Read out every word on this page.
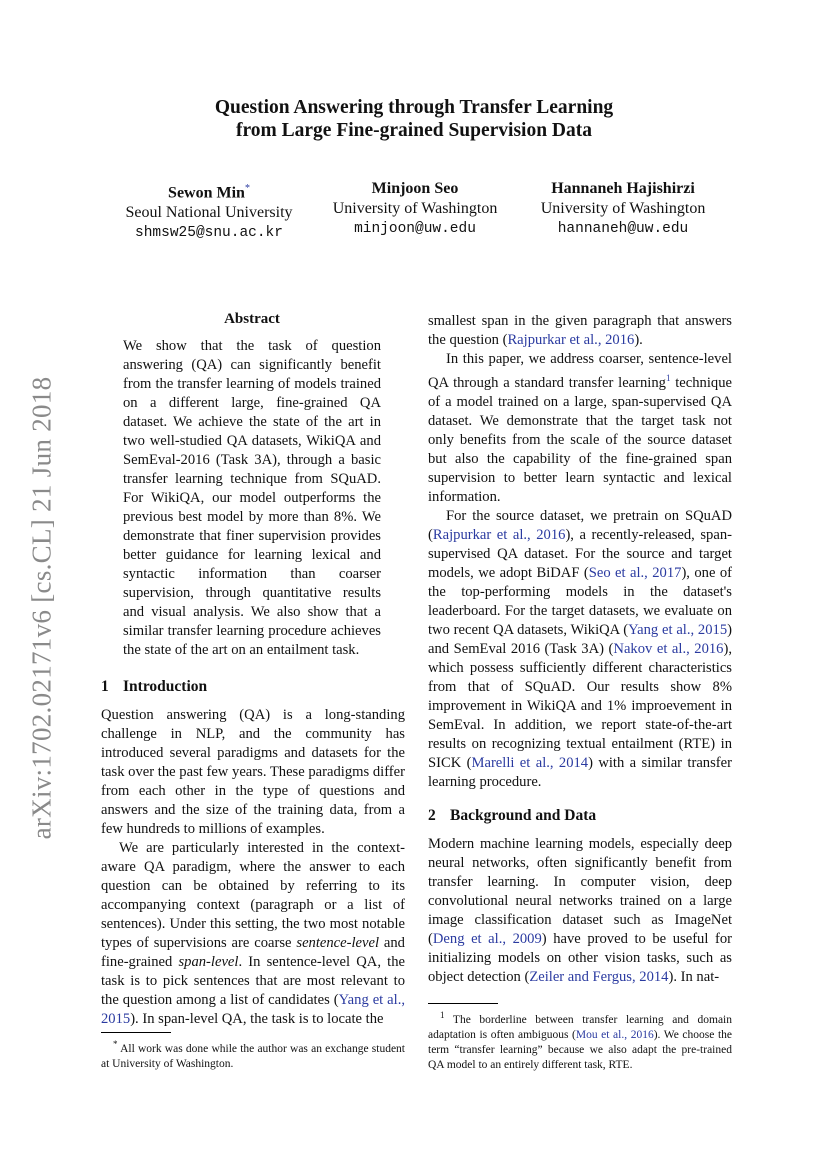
arXiv:1702.02171v6 [cs.CL] 21 Jun 2018
Question Answering through Transfer Learning
from Large Fine-grained Supervision Data
Sewon Min*
Seoul National University
shmsw25@snu.ac.kr
Minjoon Seo
University of Washington
minjoon@uw.edu
Hannaneh Hajishirzi
University of Washington
hannaneh@uw.edu
Abstract

We show that the task of question answering (QA) can significantly benefit from the transfer learning of models trained on a different large, fine-grained QA dataset. We achieve the state of the art in two well-studied QA datasets, WikiQA and SemEval-2016 (Task 3A), through a basic transfer learning technique from SQuAD. For WikiQA, our model outperforms the previous best model by more than 8%. We demonstrate that finer supervision provides better guidance for learning lexical and syntactic information than coarser supervision, through quantitative results and visual analysis. We also show that a similar transfer learning procedure achieves the state of the art on an entailment task.

1 Introduction

Question answering (QA) is a long-standing challenge in NLP, and the community has introduced several paradigms and datasets for the task over the past few years. These paradigms differ from each other in the type of questions and answers and the size of the training data, from a few hundreds to millions of examples.

We are particularly interested in the context-aware QA paradigm, where the answer to each question can be obtained by referring to its accompanying context (paragraph or a list of sentences). Under this setting, the two most notable types of supervisions are coarse sentence-level and fine-grained span-level. In sentence-level QA, the task is to pick sentences that are most relevant to the question among a list of candidates (Yang et al., 2015). In span-level QA, the task is to locate the

* All work was done while the author was an exchange student at University of Washington.

smallest span in the given paragraph that answers the question (Rajpurkar et al., 2016).

In this paper, we address coarser, sentence-level QA through a standard transfer learning$^1$ technique of a model trained on a large, span-supervised QA dataset. We demonstrate that the target task not only benefits from the scale of the source dataset but also the capability of the fine-grained span supervision to better learn syntactic and lexical information.

For the source dataset, we pretrain on SQuAD (Rajpurkar et al., 2016), a recently-released, span-supervised QA dataset. For the source and target models, we adopt BiDAF (Seo et al., 2017), one of the top-performing models in the dataset's leaderboard. For the target datasets, we evaluate on two recent QA datasets, WikiQA (Yang et al., 2015) and SemEval 2016 (Task 3A) (Nakov et al., 2016), which possess sufficiently different characteristics from that of SQuAD. Our results show 8% improvement in WikiQA and 1% improevement in SemEval. In addition, we report state-of-the-art results on recognizing textual entailment (RTE) in SICK (Marelli et al., 2014) with a similar transfer learning procedure.

2 Background and Data

Modern machine learning models, especially deep neural networks, often significantly benefit from transfer learning. In computer vision, deep convolutional neural networks trained on a large image classification dataset such as ImageNet (Deng et al., 2009) have proved to be useful for initializing models on other vision tasks, such as object detection (Zeiler and Fergus, 2014). In nat-

$^1$ The borderline between transfer learning and domain adaptation is often ambiguous (Mou et al., 2016). We choose the term “transfer learning” because we also adapt the pre-trained QA model to an entirely different task, RTE.
